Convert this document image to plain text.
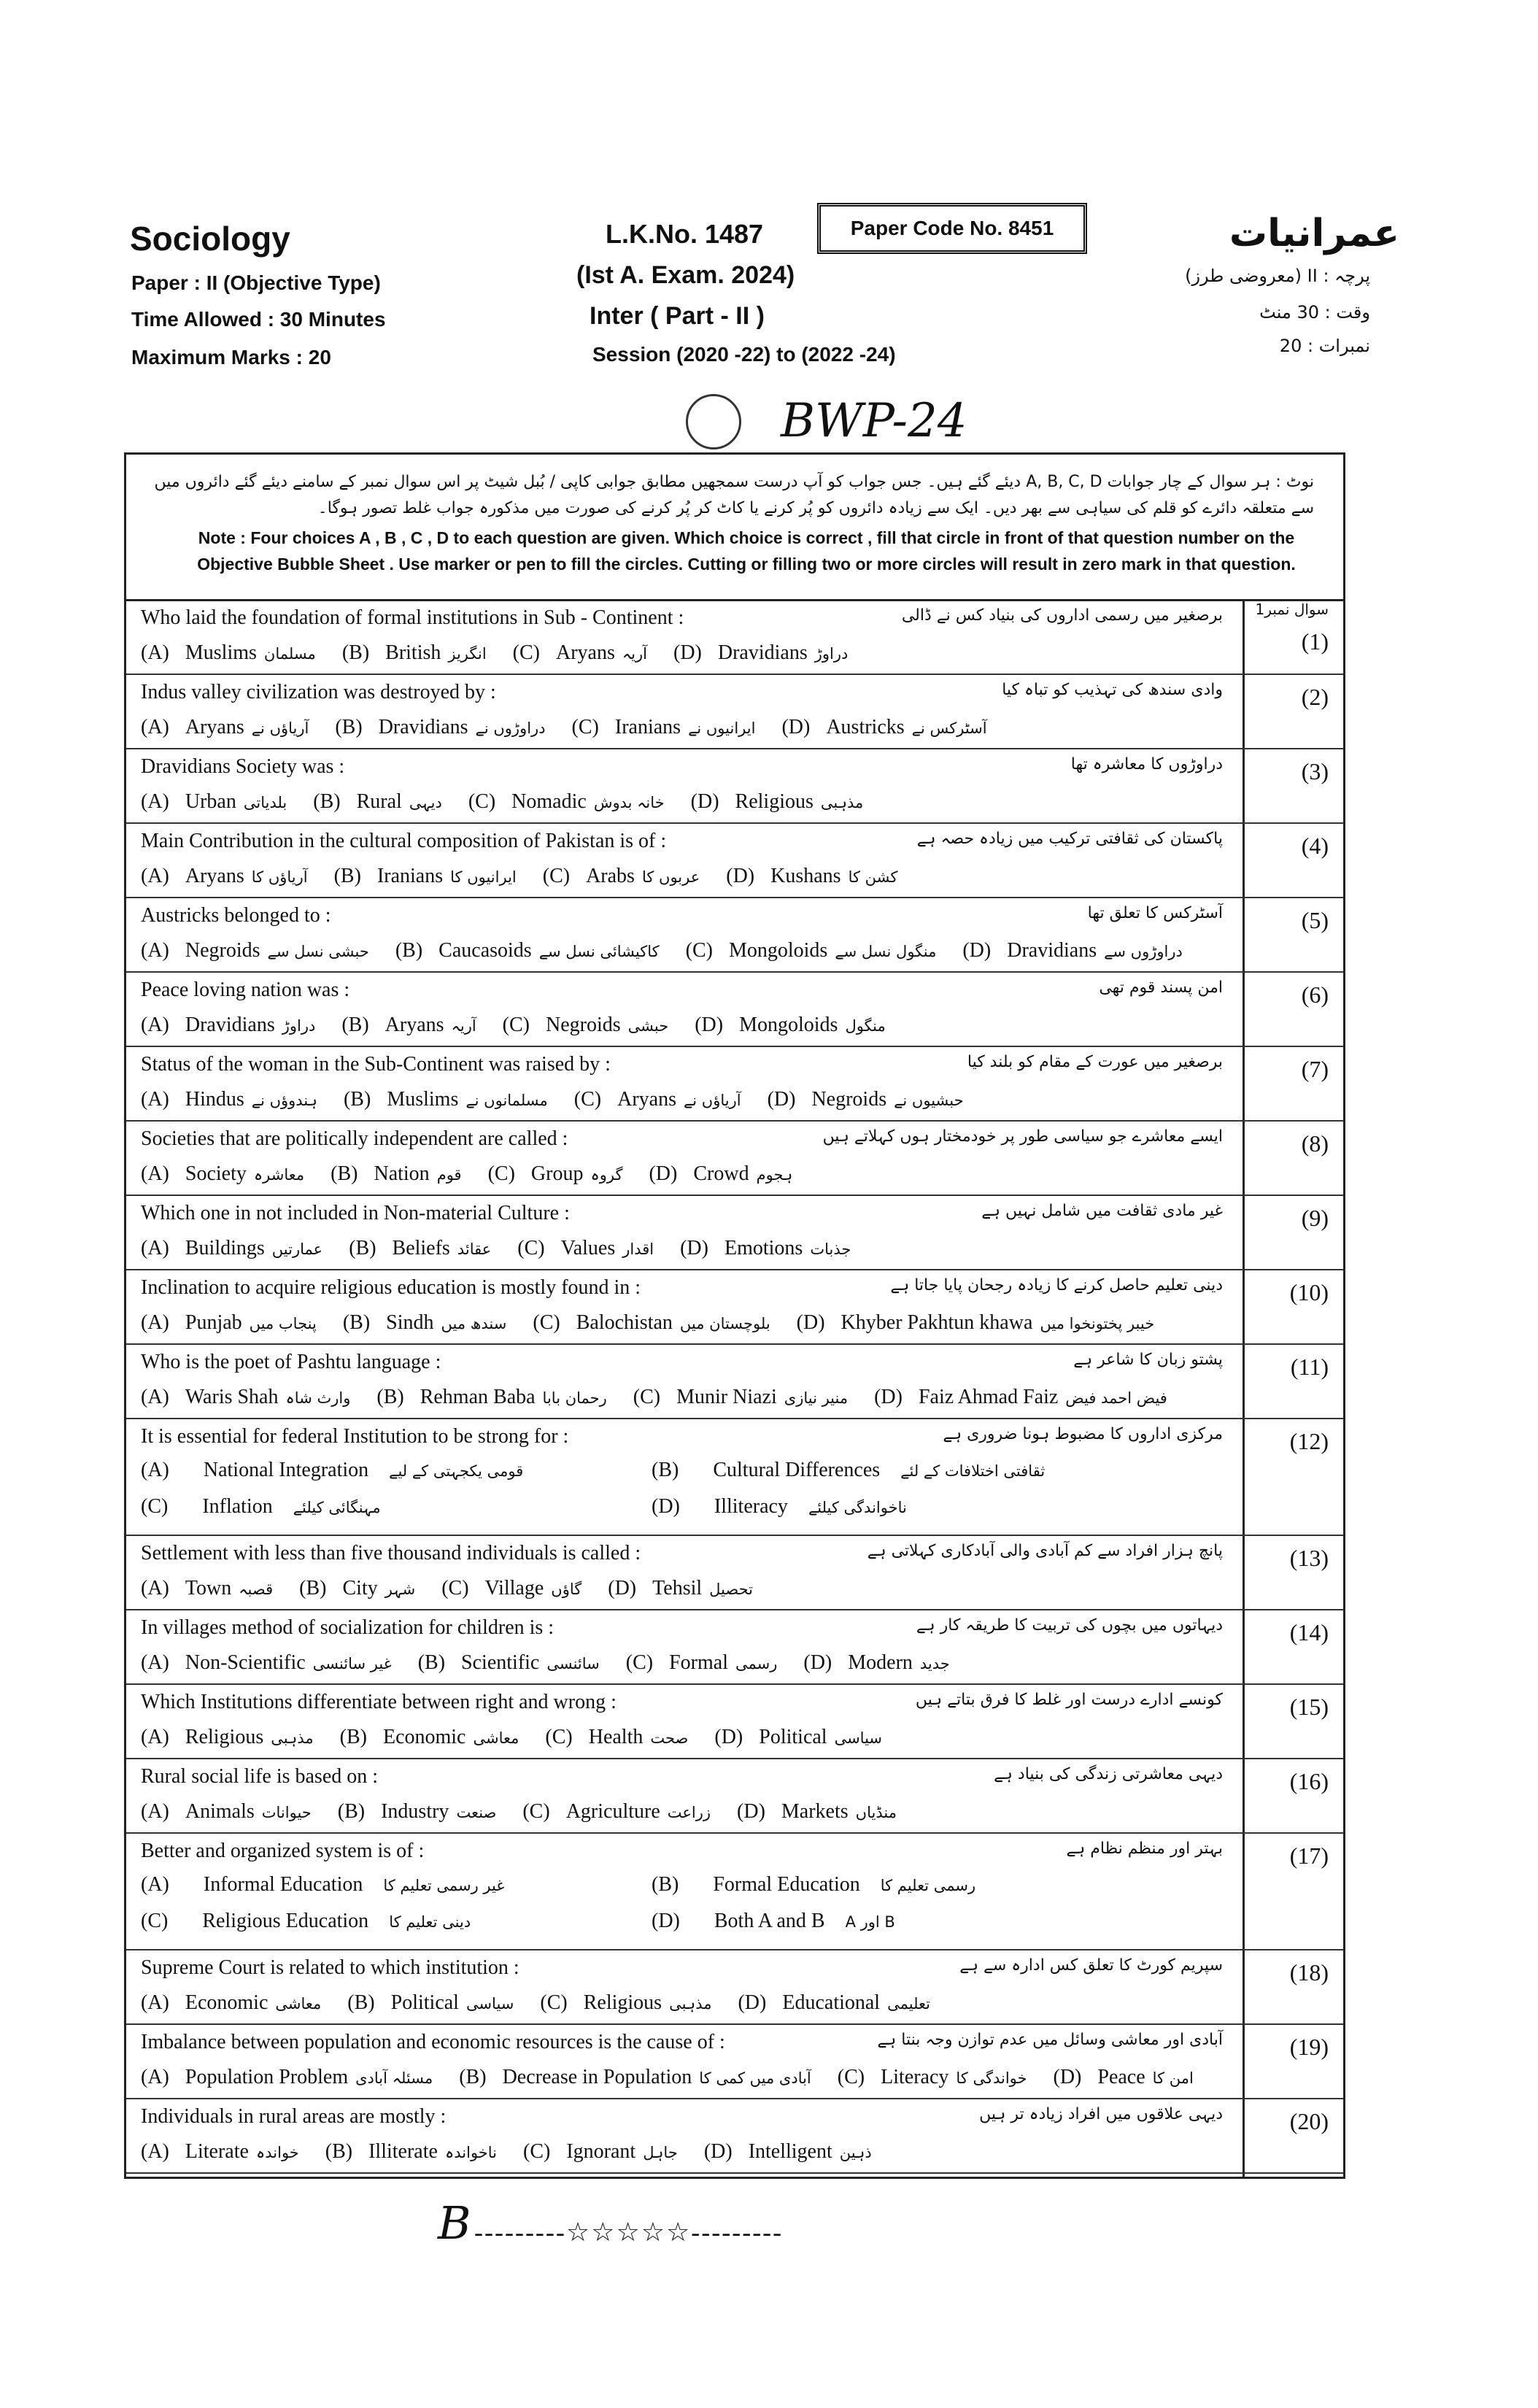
Sociology
Paper : II (Objective Type)
Time Allowed : 30 Minutes
Maximum Marks : 20
L.K.No. 1487
(Ist A. Exam. 2024)
Inter ( Part - II )
Session (2020 -22) to (2022 -24)
Paper Code No. 8451	عمرانیات
پرچہ : II (معروضی طرز)
وقت : 30 منٹ
نمبرات : 20
BWP-24
نوٹ : ہر سوال کے چار جوابات A, B, C, D دیئے گئے ہیں۔ جس جواب کو آپ درست سمجھیں مطابق جوابی کاپی / بُبل شیٹ پر اس سوال نمبر کے سامنے دیئے گئے دائروں میں سے متعلقہ دائرے کو قلم کی سیاہی سے بھر دیں۔ ایک سے زیادہ دائروں کو پُر کرنے یا کاٹ کر پُر کرنے کی صورت میں مذکورہ جواب غلط تصور ہوگا۔
Note : Four choices A , B , C , D to each question are given. Which choice is correct , fill that circle in front of that question number on the Objective Bubble Sheet . Use marker or pen to fill the circles. Cutting or filling two or more circles will result in zero mark in that question.
(1)
سوال نمبر1
Who laid the foundation of formal institutions in Sub - Continent :	برصغیر میں رسمی اداروں کی بنیاد کس نے ڈالی
(A) Muslims مسلمان (B) British انگریز (C) Aryans آریہ (D) Dravidians دراوڑ
(2)
Indus valley civilization was destroyed by :	وادی سندھ کی تہذیب کو تباہ کیا
(A) Aryans آریاؤں نے (B) Dravidians دراوڑوں نے (C) Iranians ایرانیوں نے (D) Austricks آسٹرکس نے
(3)
Dravidians Society was :	دراوڑوں کا معاشرہ تھا
(A) Urban بلدیاتی (B) Rural دیہی (C) Nomadic خانہ بدوش (D) Religious مذہبی
(4)
Main Contribution in the cultural composition of Pakistan is of :	پاکستان کی ثقافتی ترکیب میں زیادہ حصہ ہے
(A) Aryans آریاؤں کا (B) Iranians ایرانیوں کا (C) Arabs عربوں کا (D) Kushans کشن کا
(5)
Austricks belonged to :	آسٹرکس کا تعلق تھا
(A) Negroids حبشی نسل سے (B) Caucasoids کاکیشائی نسل سے (C) Mongoloids منگول نسل سے (D) Dravidians دراوڑوں سے
(6)
Peace loving nation was :	امن پسند قوم تھی
(A) Dravidians دراوڑ (B) Aryans آریہ (C) Negroids حبشی (D) Mongoloids منگول
(7)
Status of the woman in the Sub-Continent was raised by :	برصغیر میں عورت کے مقام کو بلند کیا
(A) Hindus ہندوؤں نے (B) Muslims مسلمانوں نے (C) Aryans آریاؤں نے (D) Negroids حبشیوں نے
(8)
Societies that are politically independent are called :	ایسے معاشرے جو سیاسی طور پر خودمختار ہوں کہلاتے ہیں
(A) Society معاشرہ (B) Nation قوم (C) Group گروہ (D) Crowd ہجوم
(9)
Which one in not included in Non-material Culture :	غیر مادی ثقافت میں شامل نہیں ہے
(A) Buildings عمارتیں (B) Beliefs عقائد (C) Values اقدار (D) Emotions جذبات
(10)
Inclination to acquire religious education is mostly found in :	دینی تعلیم حاصل کرنے کا زیادہ رجحان پایا جاتا ہے
(A) Punjab پنجاب میں (B) Sindh سندھ میں (C) Balochistan بلوچستان میں (D) Khyber Pakhtun khawa خیبر پختونخوا میں
(11)
Who is the poet of Pashtu language :	پشتو زبان کا شاعر ہے
(A) Waris Shah وارث شاہ (B) Rehman Baba رحمان بابا (C) Munir Niazi منیر نیازی (D) Faiz Ahmad Faiz فیض احمد فیض
(12)
It is essential for federal Institution to be strong for :	مرکزی اداروں کا مضبوط ہونا ضروری ہے
(A) National Integration قومی یکجہتی کے لیے	(B) Cultural Differences ثقافتی اختلافات کے لئے
(C) Inflation مہنگائی کیلئے	(D) Illiteracy ناخواندگی کیلئے
(13)
Settlement with less than five thousand individuals is called :	پانچ ہزار افراد سے کم آبادی والی آبادکاری کہلاتی ہے
(A) Town قصبہ (B) City شہر (C) Village گاؤں (D) Tehsil تحصیل
(14)
In villages method of socialization for children is :	دیہاتوں میں بچوں کی تربیت کا طریقہ کار ہے
(A) Non-Scientific غیر سائنسی (B) Scientific سائنسی (C) Formal رسمی (D) Modern جدید
(15)
Which Institutions differentiate between right and wrong :	کونسے ادارے درست اور غلط کا فرق بتاتے ہیں
(A) Religious مذہبی (B) Economic معاشی (C) Health صحت (D) Political سیاسی
(16)
Rural social life is based on :	دیہی معاشرتی زندگی کی بنیاد ہے
(A) Animals حیوانات (B) Industry صنعت (C) Agriculture زراعت (D) Markets منڈیاں
(17)
Better and organized system is of :	بہتر اور منظم نظام ہے
(A) Informal Education غیر رسمی تعلیم کا	(B) Formal Education رسمی تعلیم کا
(C) Religious Education دینی تعلیم کا	(D) Both A and B A اور B
(18)
Supreme Court is related to which institution :	سپریم کورٹ کا تعلق کس ادارہ سے ہے
(A) Economic معاشی (B) Political سیاسی (C) Religious مذہبی (D) Educational تعلیمی
(19)
Imbalance between population and economic resources is the cause of :	آبادی اور معاشی وسائل میں عدم توازن وجہ بنتا ہے
(A) Population Problem مسئلہ آبادی (B) Decrease in Population آبادی میں کمی کا (C) Literacy خواندگی کا (D) Peace امن کا
(20)
Individuals in rural areas are mostly :	دیہی علاقوں میں افراد زیادہ تر ہیں
(A) Literate خواندہ (B) Illiterate ناخواندہ (C) Ignorant جاہل (D) Intelligent ذہین
---------☆☆☆☆☆---------
B
